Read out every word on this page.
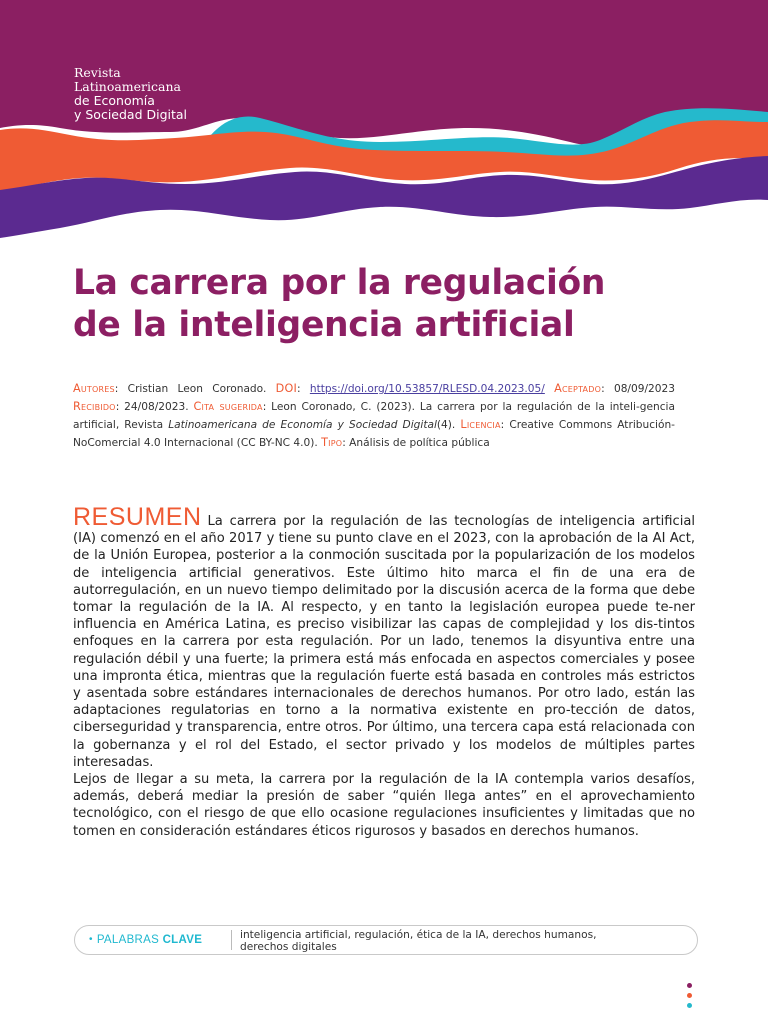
Revista
Latinoamericana
de Economía
y Sociedad Digital
La carrera por la regulación
de la inteligencia artificial
Autores: Cristian Leon Coronado. DOI: https://doi.org/10.53857/RLESD.04.2023.05/ Aceptado: 08/09/2023 Recibido: 24/08/2023. Cita sugerida: Leon Coronado, C. (2023). La carrera por la regulación de la inteli-gencia artificial, Revista Latinoamericana de Economía y Sociedad Digital(4). Licencia: Creative Commons Atribución-NoComercial 4.0 Internacional (CC BY-NC 4.0). Tipo: Análisis de política pública

RESUMEN La carrera por la regulación de las tecnologías de inteligencia artificial (IA) comenzó en el año 2017 y tiene su punto clave en el 2023, con la aprobación de la AI Act, de la Unión Europea, posterior a la conmoción suscitada por la popularización de los modelos de inteligencia artificial generativos. Este último hito marca el fin de una era de autorregulación, en un nuevo tiempo delimitado por la discusión acerca de la forma que debe tomar la regulación de la IA. Al respecto, y en tanto la legislación europea puede te-ner influencia en América Latina, es preciso visibilizar las capas de complejidad y los dis-tintos enfoques en la carrera por esta regulación. Por un lado, tenemos la disyuntiva entre una regulación débil y una fuerte; la primera está más enfocada en aspectos comerciales y posee una impronta ética, mientras que la regulación fuerte está basada en controles más estrictos y asentada sobre estándares internacionales de derechos humanos. Por otro lado, están las adaptaciones regulatorias en torno a la normativa existente en pro-tección de datos, ciberseguridad y transparencia, entre otros. Por último, una tercera capa está relacionada con la gobernanza y el rol del Estado, el sector privado y los modelos de múltiples partes interesadas.

Lejos de llegar a su meta, la carrera por la regulación de la IA contempla varios desafíos, además, deberá mediar la presión de saber “quién llega antes” en el aprovechamiento tecnológico, con el riesgo de que ello ocasione regulaciones insuficientes y limitadas que no tomen en consideración estándares éticos rigurosos y basados en derechos humanos.

• PALABRAS CLAVE	inteligencia artificial, regulación, ética de la IA, derechos humanos,
derechos digitales
